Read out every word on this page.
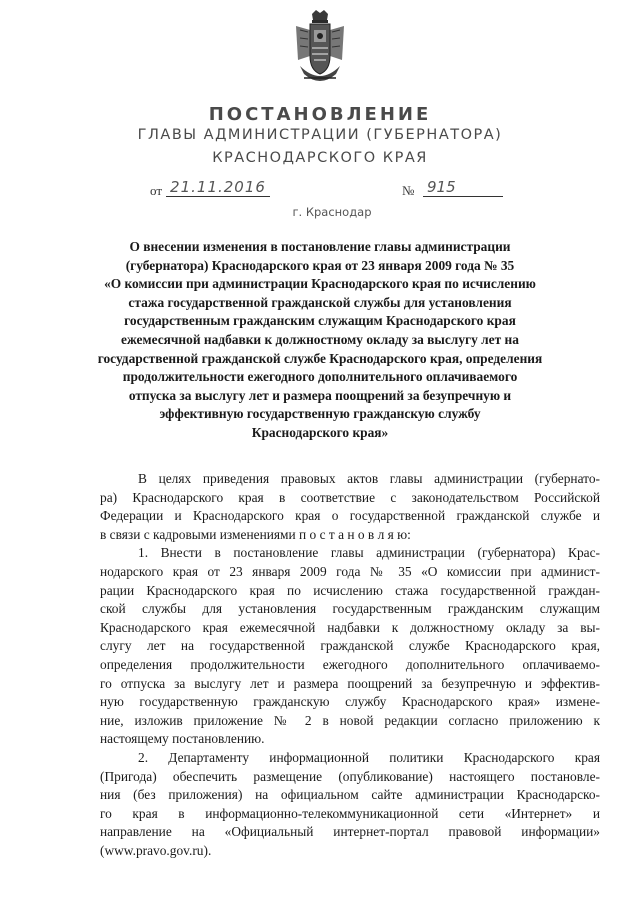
ПОСТАНОВЛЕНИЕ
ГЛАВЫ АДМИНИСТРАЦИИ (ГУБЕРНАТОРА)
КРАСНОДАРСКОГО КРАЯ
от 21.11.2016	№ 915
г. Краснодар
О внесении изменения в постановление главы администрации
(губернатора) Краснодарского края от 23 января 2009 года № 35
«О комиссии при администрации Краснодарского края по исчислению
стажа государственной гражданской службы для установления
государственным гражданским служащим Краснодарского края
ежемесячной надбавки к должностному окладу за выслугу лет на
государственной гражданской службе Краснодарского края, определения
продолжительности ежегодного дополнительного оплачиваемого
отпуска за выслугу лет и размера поощрений за безупречную и
эффективную государственную гражданскую службу
Краснодарского края»
В целях приведения правовых актов главы администрации (губернато-
ра) Краснодарского края в соответствие с законодательством Российской
Федерации и Краснодарского края о государственной гражданской службе и
в связи с кадровыми изменениями п о с т а н о в л я ю:
1. Внести в постановление главы администрации (губернатора) Крас-
нодарского края от 23 января 2009 года № 35 «О комиссии при админист-
рации Краснодарского края по исчислению стажа государственной граждан-
ской службы для установления государственным гражданским служащим
Краснодарского края ежемесячной надбавки к должностному окладу за вы-
слугу лет на государственной гражданской службе Краснодарского края,
определения продолжительности ежегодного дополнительного оплачиваемо-
го отпуска за выслугу лет и размера поощрений за безупречную и эффектив-
ную государственную гражданскую службу Краснодарского края» измене-
ние, изложив приложение № 2 в новой редакции согласно приложению к
настоящему постановлению.
2. Департаменту информационной политики Краснодарского края
(Пригода) обеспечить размещение (опубликование) настоящего постановле-
ния (без приложения) на официальном сайте администрации Краснодарско-
го края в информационно-телекоммуникационной сети «Интернет» и
направление на «Официальный интернет-портал правовой информации»
(www.pravo.gov.ru).
